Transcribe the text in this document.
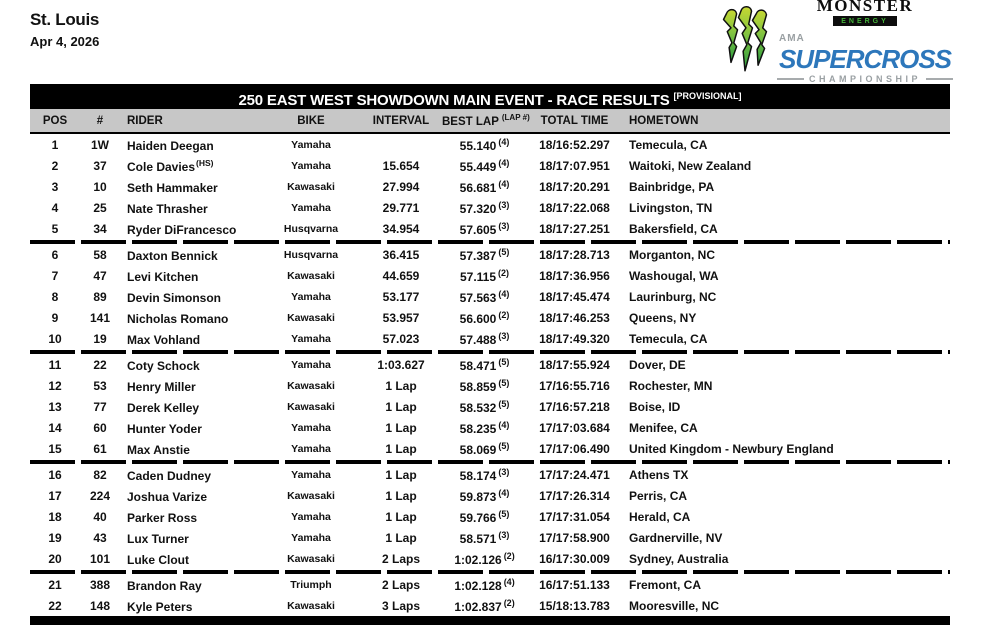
St. Louis
Apr 4, 2026
MONSTER
ENERGY
AMA
SUPERCROSS
CHAMPIONSHIP
250 EAST WEST SHOWDOWN MAIN EVENT - RACE RESULTS [PROVISIONAL]
POS	#	RIDER	BIKE	INTERVAL	BEST LAP $^{(LAP \#)}$	TOTAL TIME	HOMETOWN
1	1W	Haiden Deegan	Yamaha		55.140 $^{(4)}$	18/16:52.297	Temecula, CA
2	37	Cole Davies$^{(HS)}$	Yamaha	15.654	55.449 $^{(4)}$	18/17:07.951	Waitoki, New Zealand
3	10	Seth Hammaker	Kawasaki	27.994	56.681 $^{(4)}$	18/17:20.291	Bainbridge, PA
4	25	Nate Thrasher	Yamaha	29.771	57.320 $^{(3)}$	18/17:22.068	Livingston, TN
5	34	Ryder DiFrancesco	Husqvarna	34.954	57.605 $^{(3)}$	18/17:27.251	Bakersfield, CA

6	58	Daxton Bennick	Husqvarna	36.415	57.387 $^{(5)}$	18/17:28.713	Morganton, NC
7	47	Levi Kitchen	Kawasaki	44.659	57.115 $^{(2)}$	18/17:36.956	Washougal, WA
8	89	Devin Simonson	Yamaha	53.177	57.563 $^{(4)}$	18/17:45.474	Laurinburg, NC
9	141	Nicholas Romano	Kawasaki	53.957	56.600 $^{(2)}$	18/17:46.253	Queens, NY
10	19	Max Vohland	Yamaha	57.023	57.488 $^{(3)}$	18/17:49.320	Temecula, CA

11	22	Coty Schock	Yamaha	1:03.627	58.471 $^{(5)}$	18/17:55.924	Dover, DE
12	53	Henry Miller	Kawasaki	1 Lap	58.859 $^{(5)}$	17/16:55.716	Rochester, MN
13	77	Derek Kelley	Kawasaki	1 Lap	58.532 $^{(5)}$	17/16:57.218	Boise, ID
14	60	Hunter Yoder	Yamaha	1 Lap	58.235 $^{(4)}$	17/17:03.684	Menifee, CA
15	61	Max Anstie	Yamaha	1 Lap	58.069 $^{(5)}$	17/17:06.490	United Kingdom - Newbury England

16	82	Caden Dudney	Yamaha	1 Lap	58.174 $^{(3)}$	17/17:24.471	Athens TX
17	224	Joshua Varize	Kawasaki	1 Lap	59.873 $^{(4)}$	17/17:26.314	Perris, CA
18	40	Parker Ross	Yamaha	1 Lap	59.766 $^{(5)}$	17/17:31.054	Herald, CA
19	43	Lux Turner	Yamaha	1 Lap	58.571 $^{(3)}$	17/17:58.900	Gardnerville, NV
20	101	Luke Clout	Kawasaki	2 Laps	1:02.126 $^{(2)}$	16/17:30.009	Sydney, Australia

21	388	Brandon Ray	Triumph	2 Laps	1:02.128 $^{(4)}$	16/17:51.133	Fremont, CA
22	148	Kyle Peters	Kawasaki	3 Laps	1:02.837 $^{(2)}$	15/18:13.783	Mooresville, NC
